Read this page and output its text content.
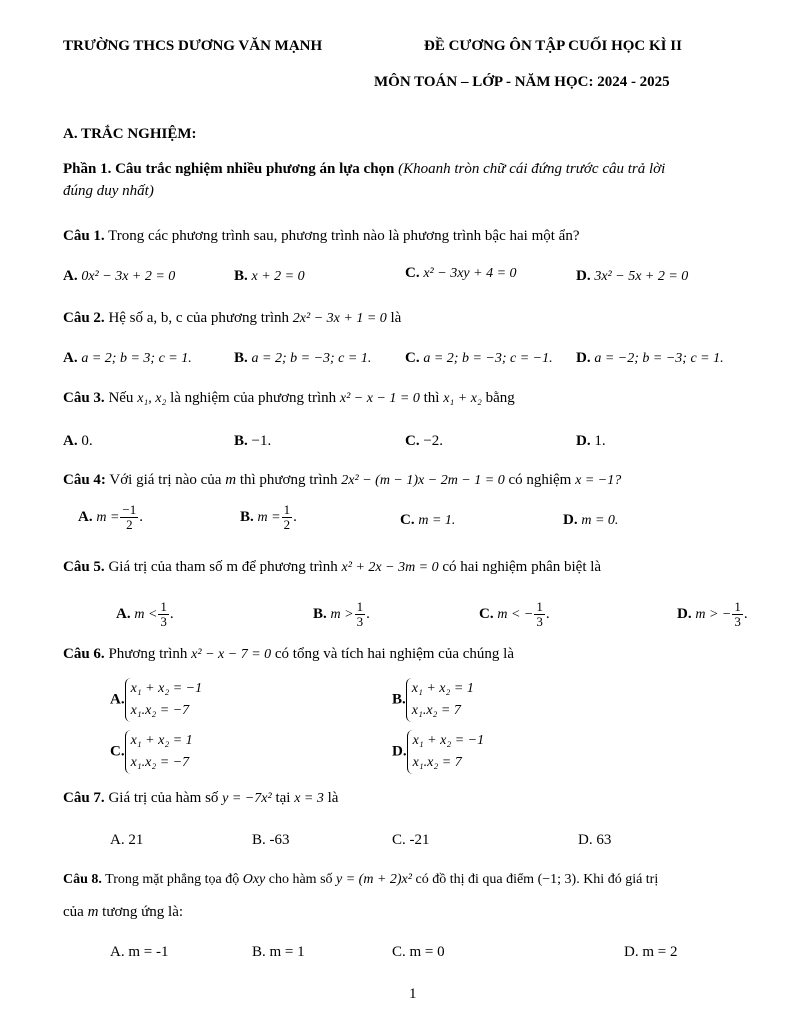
TRƯỜNG THCS DƯƠNG VĂN MẠNH	ĐỀ CƯƠNG ÔN TẬP CUỐI HỌC KÌ II
MÔN TOÁN – LỚP - NĂM HỌC: 2024 - 2025
A. TRẮC NGHIỆM:
Phần 1. Câu trắc nghiệm nhiều phương án lựa chọn (Khoanh tròn chữ cái đứng trước câu trả lời
đúng duy nhất)
Câu 1. Trong các phương trình sau, phương trình nào là phương trình bậc hai một ẩn?
A. 0x² − 3x + 2 = 0	B. x + 2 = 0	C. x² − 3xy + 4 = 0	D. 3x² − 5x + 2 = 0
Câu 2. Hệ số a, b, c của phương trình 2x² − 3x + 1 = 0 là
A. a = 2; b = 3; c = 1.	B. a = 2; b = −3; c = 1. C. a = 2; b = −3; c = −1. D. a = −2; b = −3; c = 1.
Câu 3. Nếu x₁, x₂ là nghiệm của phương trình x² − x − 1 = 0 thì x₁ + x₂ bằng
A. 0.	B. −1.	C. −2.	D. 1.
Câu 4: Với giá trị nào của m thì phương trình 2x² − (m − 1)x − 2m − 1 = 0 có nghiệm x = −1?
A. $m = \frac{-1}{2}$ .	B. $m = \frac{1}{2}$ .	C. m = 1.	D. m = 0.
Câu 5. Giá trị của tham số m để phương trình x² + 2x − 3m = 0 có hai nghiệm phân biệt là
A. $m < \frac{1}{3}$ .	B. $m > \frac{1}{3}$ .	C. m < − $\frac{1}{3}$ .	D. m > − $\frac{1}{3}$ .
Câu 6. Phương trình x² − x − 7 = 0 có tổng và tích hai nghiệm của chúng là
A.
x₁ + x₂ = −1
x₁.x₂ = −7
B.
x₁ + x₂ = 1
x₁.x₂ = 7
C.
x₁ + x₂ = 1
x₁.x₂ = −7
D.
x₁ + x₂ = −1
x₁.x₂ = 7
Câu 7. Giá trị của hàm số y = −7x² tại x = 3 là
A. 21	B. -63	C. -21	D. 63
Câu 8. Trong mặt phẳng tọa độ Oxy cho hàm số y = (m + 2)x² có đồ thị đi qua điểm (−1; 3). Khi đó giá trị
của m tương ứng là:
A. m = -1	B. m = 1	C. m = 0	D. m = 2
1
